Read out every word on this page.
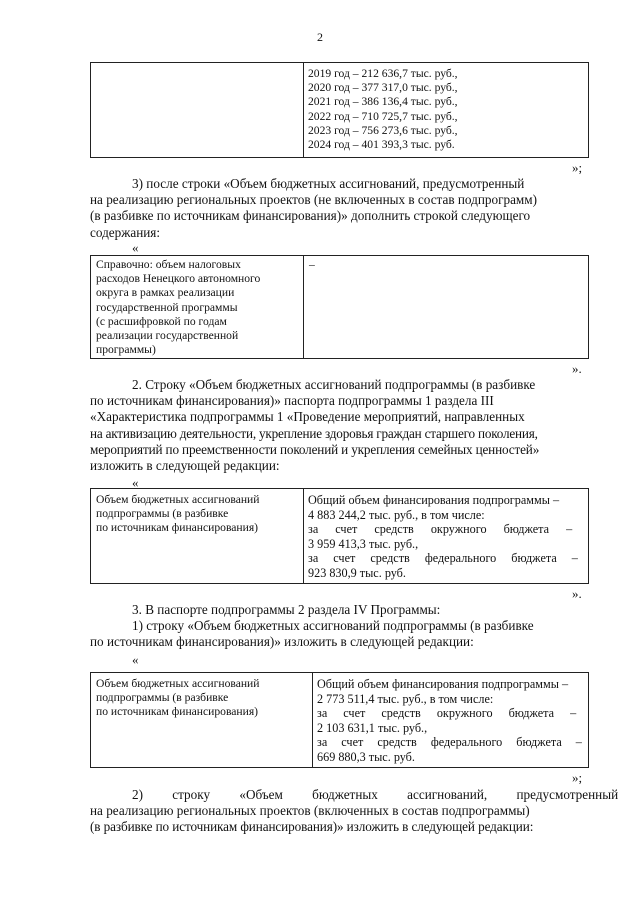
2
2019 год – 212 636,7 тыс. руб.,
2020 год – 377 317,0 тыс. руб.,
2021 год – 386 136,4 тыс. руб.,
2022 год – 710 725,7 тыс. руб.,
2023 год – 756 273,6 тыс. руб.,
2024 год – 401 393,3 тыс. руб.
»;
3) после строки «Объем бюджетных ассигнований, предусмотренный
на реализацию региональных проектов (не включенных в состав подпрограмм)
(в разбивке по источникам финансирования)» дополнить строкой следующего
содержания:
«
Справочно: объем налоговых
расходов Ненецкого автономного
округа в рамках реализации
государственной программы
(с расшифровкой по годам
реализации государственной
программы)
–
».
2. Строку «Объем бюджетных ассигнований подпрограммы (в разбивке
по источникам финансирования)» паспорта подпрограммы 1 раздела III
«Характеристика подпрограммы 1 «Проведение мероприятий, направленных
на активизацию деятельности, укрепление здоровья граждан старшего поколения,
мероприятий по преемственности поколений и укрепления семейных ценностей»
изложить в следующей редакции:
«
Объем бюджетных ассигнований
подпрограммы (в разбивке
по источникам финансирования)
Общий объем финансирования подпрограммы –
4 883 244,2 тыс. руб., в том числе:
за счет средств окружного бюджета –
3 959 413,3 тыс. руб.,
за счет средств федерального бюджета –
923 830,9 тыс. руб.
».
3. В паспорте подпрограммы 2 раздела IV Программы:
1) строку «Объем бюджетных ассигнований подпрограммы (в разбивке
по источникам финансирования)» изложить в следующей редакции:
«
Объем бюджетных ассигнований
подпрограммы (в разбивке
по источникам финансирования)
Общий объем финансирования подпрограммы –
2 773 511,4 тыс. руб., в том числе:
за счет средств окружного бюджета –
2 103 631,1 тыс. руб.,
за счет средств федерального бюджета –
669 880,3 тыс. руб.
»;
2) строку «Объем бюджетных ассигнований, предусмотренный
на реализацию региональных проектов (включенных в состав подпрограммы)
(в разбивке по источникам финансирования)» изложить в следующей редакции:
